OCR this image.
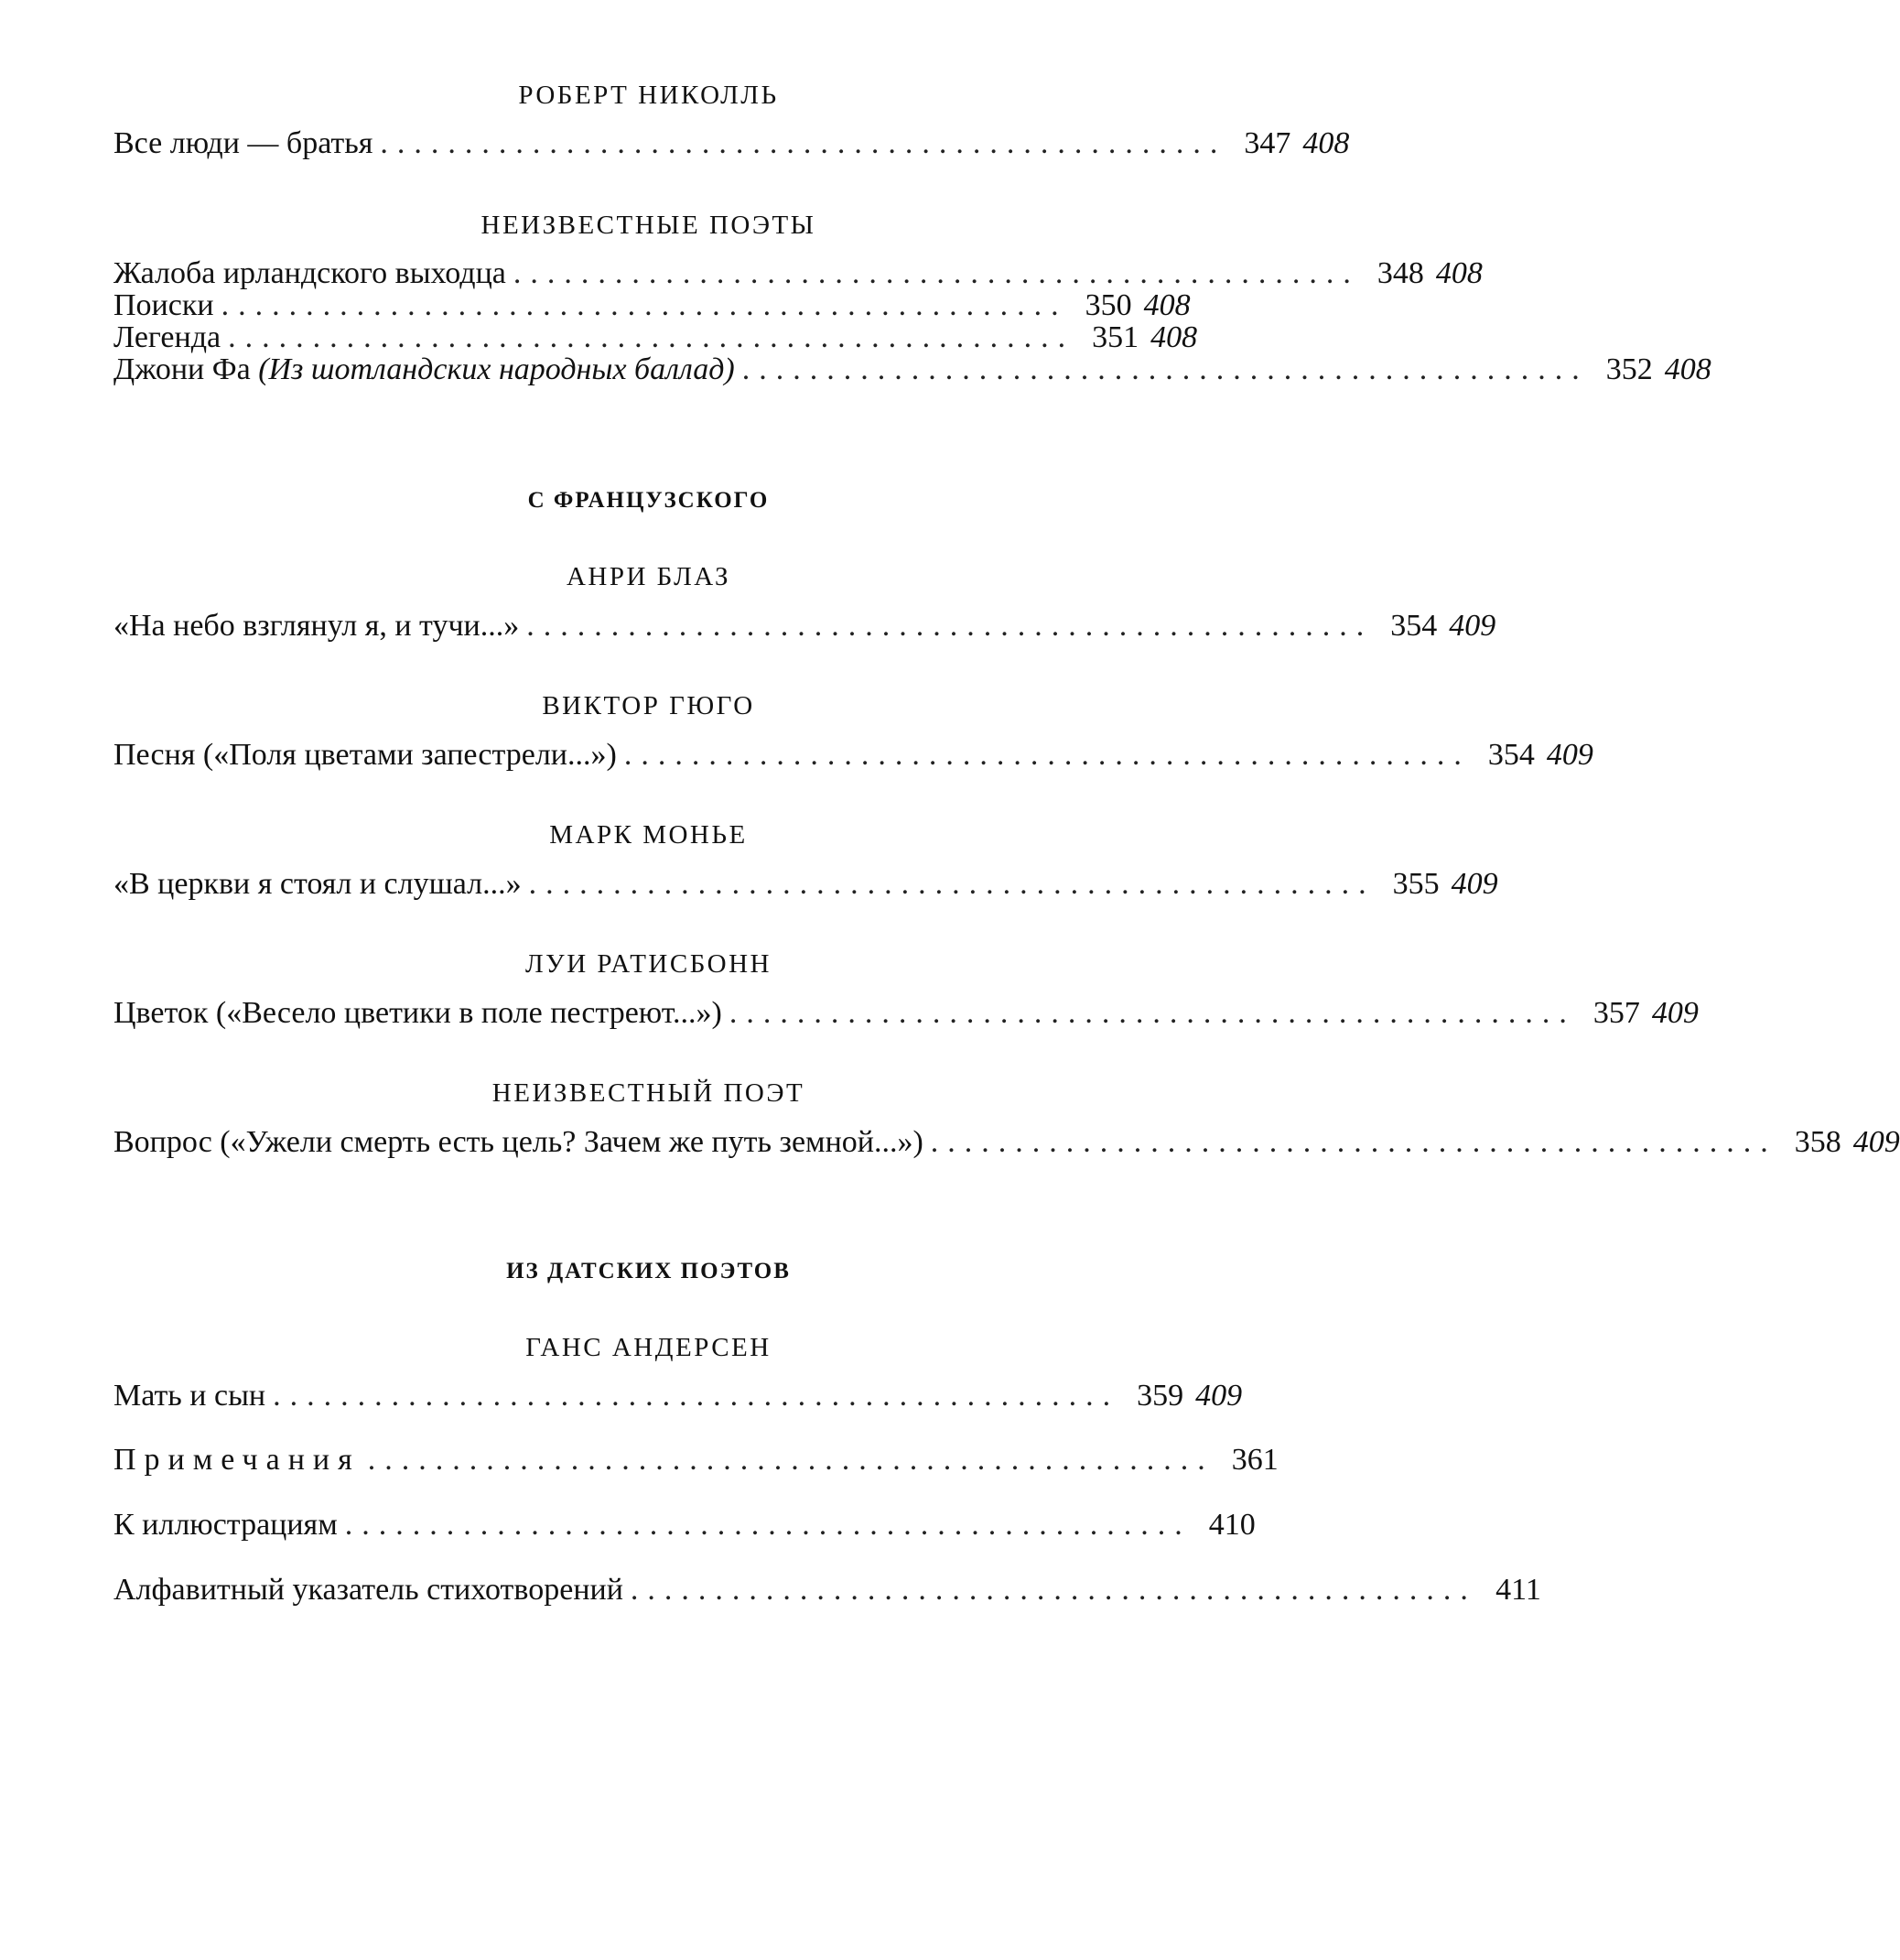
РОБЕРТ НИКОЛЛЬ
Все люди — братья .................................................. 347 408
НЕИЗВЕСТНЫЕ ПОЭТЫ
Жалоба ирландского выходца .................................................. 348 408
Поиски .................................................. 350 408
Легенда .................................................. 351 408
Джони Фа (Из шотландских народных баллад) .................................................. 352 408
С ФРАНЦУЗСКОГО
АНРИ БЛАЗ
«На небо взглянул я, и тучи...» .................................................. 354 409
ВИКТОР ГЮГО
Песня («Поля цветами запестрели...») .................................................. 354 409
МАРК МОНЬЕ
«В церкви я стоял и слушал...» .................................................. 355 409
ЛУИ РАТИСБОНН
Цветок («Весело цветики в поле пестреют...») .................................................. 357 409
НЕИЗВЕСТНЫЙ ПОЭТ
Вопрос («Ужели смерть есть цель? Зачем же путь земной...») .................................................. 358 409
ИЗ ДАТСКИХ ПОЭТОВ
ГАНС АНДЕРСЕН
Мать и сын .................................................. 359 409
Примечания .................................................. 361
К иллюстрациям .................................................. 410
Алфавитный указатель стихотворений .................................................. 411
